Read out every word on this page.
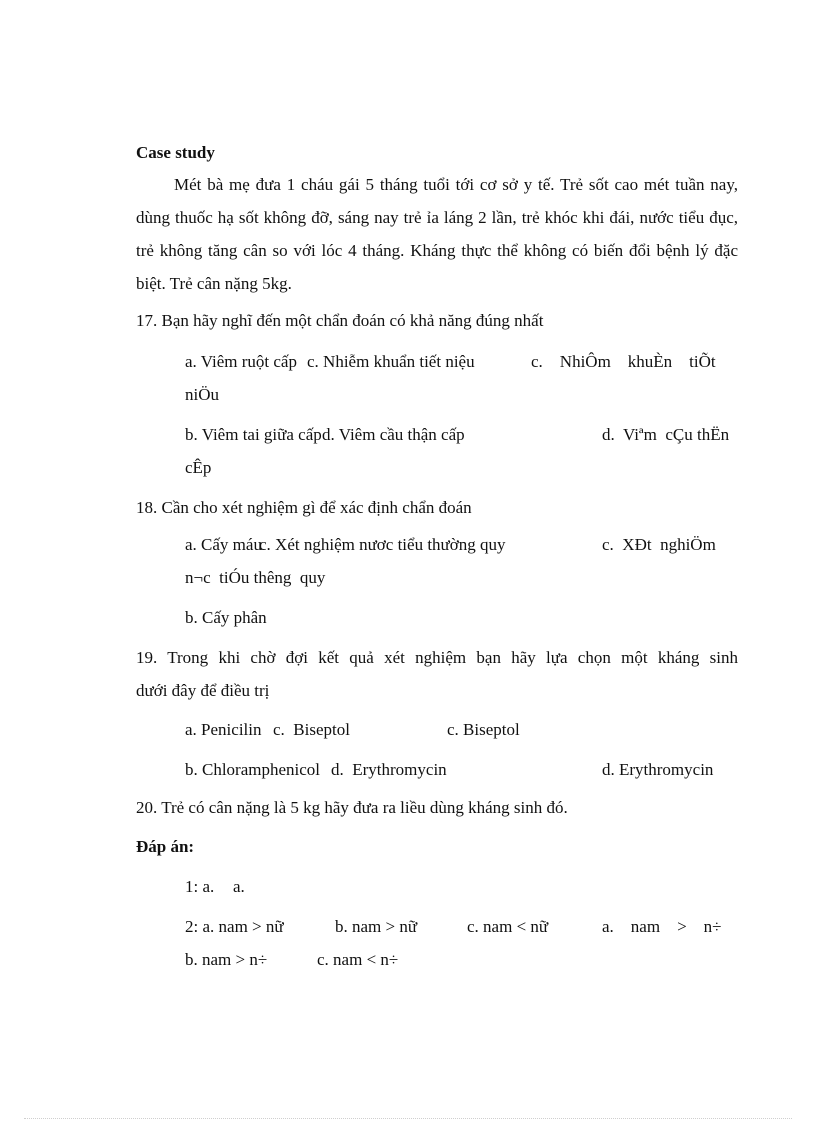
Case study

Mét bà mẹ đưa 1 cháu gái 5 tháng tuổi tới cơ sở y tế. Trẻ sốt cao mét tuần nay, dùng thuốc hạ sốt không đỡ, sáng nay trẻ ỉa láng 2 lần, trẻ khóc khi đái, nước tiểu đục, trẻ không tăng cân so với lóc 4 tháng. Kháng thực thể không có biến đổi bệnh lý đặc biệt. Trẻ cân nặng 5kg.

17. Bạn hãy nghĩ đến một chẩn đoán có khả năng đúng nhất

a. Viêm ruột cấp c. Nhiễm khuẩn tiết niệu	c.    NhiÔm    khuÈn    tiÕt
niÖu
b. Viêm tai giữa cấp d. Viêm cầu thận cấp	d.  Viªm  cÇu thËn
cÊp

18. Cần cho xét nghiệm gì để xác định chẩn đoán

a. Cấy máu
c. Xét nghiệm nươc tiểu thường quy	c.  XÐt  nghiÖm
n¬c  tiÓu thêng  quy
b. Cấy phân

19. Trong khi chờ đợi kết quả xét nghiệm bạn hãy lựa chọn một kháng sinh
dưới đây để điều trị

a. Penicilin c.  Biseptol	c. Biseptol
b. Chloramphenicol d.  Erythromycin	d. Erythromycin

20. Trẻ có cân nặng là 5 kg hãy đưa ra liều dùng kháng sinh đó.

Đáp án:

1: a. a.
2: a. nam > nữ	b. nam > nữ	c. nam < nữ	a.    nam    >    n÷
b. nam > n÷	c. nam < n÷
